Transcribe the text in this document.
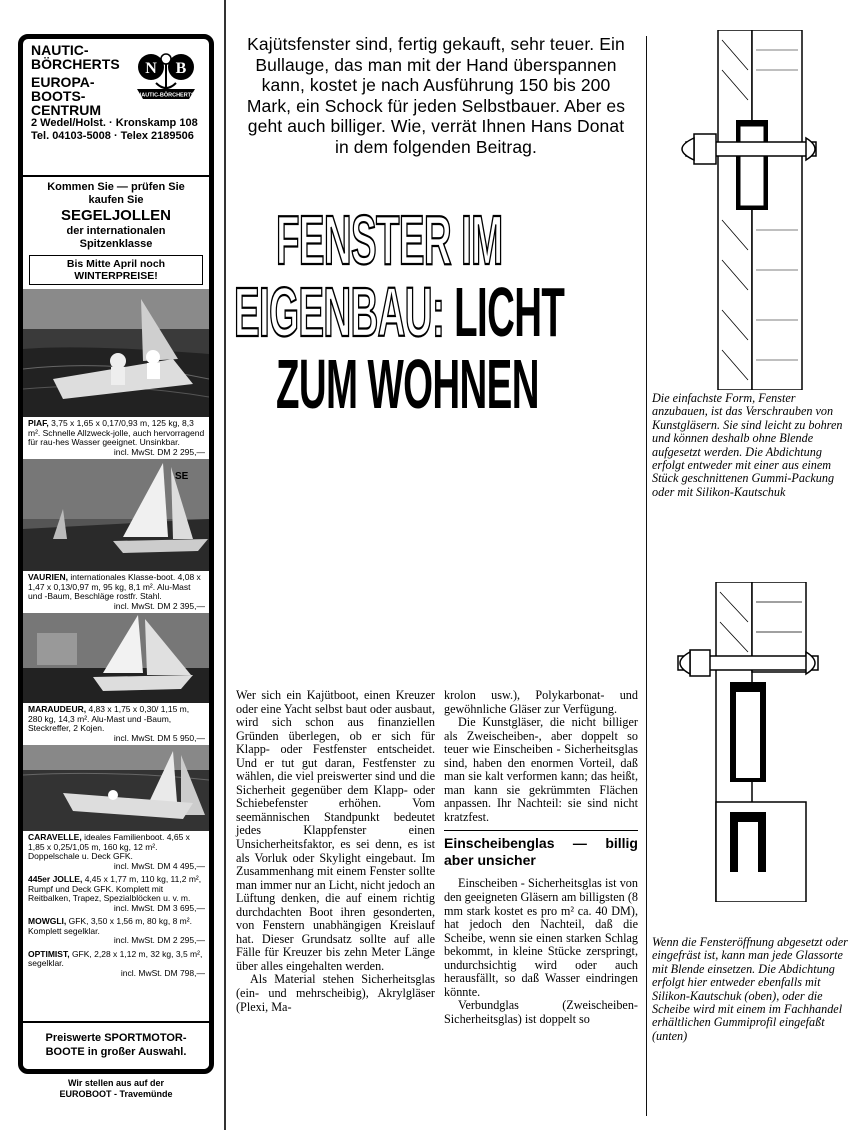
NAUTIC-
BÖRCHERTS	N B
NAUTIC-BÖRCHERTS
EUROPA-
BOOTS-
CENTRUM
2 Wedel/Holst. · Kronskamp 108
Tel. 04103-5008 · Telex 2189506
Kommen Sie — prüfen Sie
kaufen Sie
SEGELJOLLEN
der internationalen
Spitzenklasse
Bis Mitte April noch
WINTERPREISE!
PIAF, 3,75 x 1,65 x 0,17/0,93 m, 125 kg, 8,3 m². Schnelle Allzweck-jolle, auch hervorragend für rau-hes Wasser geeignet. Unsinkbar.
incl. MwSt. DM 2 295,—
SE
VAURIEN, internationales Klasse-boot. 4,08 x 1,47 x 0,13/0,97 m, 95 kg, 8,1 m². Alu-Mast und -Baum, Beschläge rostfr. Stahl.
incl. MwSt. DM 2 395,—
MARAUDEUR, 4,83 x 1,75 x 0,30/ 1,15 m, 280 kg, 14,3 m². Alu-Mast und -Baum, Steckreffer, 2 Kojen.
incl. MwSt. DM 5 950,—
CARAVELLE, ideales Familienboot. 4,65 x 1,85 x 0,25/1,05 m, 160 kg, 12 m². Doppelschale u. Deck GFK.
incl. MwSt. DM 4 495,—
445er JOLLE, 4,45 x 1,77 m, 110 kg, 11,2 m², Rumpf und Deck GFK. Komplett mit Reitbalken, Trapez, Spezialblöcken u. v. m.
incl. MwSt. DM 3 695,—
MOWGLI, GFK, 3,50 x 1,56 m, 80 kg, 8 m². Komplett segelklar.
incl. MwSt. DM 2 295,—
OPTIMIST, GFK, 2,28 x 1,12 m, 32 kg, 3,5 m², segelklar.
incl. MwSt. DM 798,—
Preiswerte SPORTMOTOR-
BOOTE in großer Auswahl.
Wir stellen aus auf der
EUROBOOT - Travemünde
Kajütsfenster sind, fertig gekauft, sehr teuer. Ein Bullauge, das man mit der Hand überspannen kann, kostet je nach Ausführung 150 bis 200 Mark, ein Schock für jeden Selbstbauer. Aber es geht auch billiger. Wie, verrät Ihnen Hans Donat in dem folgenden Beitrag.
FENSTER IM
EIGENBAU: LICHT
ZUM WOHNEN

Wer sich ein Kajütboot, einen Kreuzer oder eine Yacht selbst baut oder ausbaut, wird sich schon aus finanziellen Gründen überlegen, ob er sich für Klapp- oder Festfenster entscheidet. Und er tut gut daran, Festfenster zu wählen, die viel preiswerter sind und die Sicherheit gegenüber dem Klapp- oder Schiebefenster erhöhen. Vom seemännischen Standpunkt bedeutet jedes Klappfenster einen Unsicherheitsfaktor, es sei denn, es ist als Vorluk oder Skylight eingebaut. Im Zusammenhang mit einem Fenster sollte man immer nur an Licht, nicht jedoch an Lüftung denken, die auf einem richtig durchdachten Boot ihren gesonderten, von Fenstern unabhängigen Kreislauf hat. Dieser Grundsatz sollte auf alle Fälle für Kreuzer bis zehn Meter Länge über alles eingehalten werden.

Als Material stehen Sicherheitsglas (ein- und mehrscheibig), Akrylgläser (Plexi, Ma-

krolon usw.), Polykarbonat- und gewöhnliche Gläser zur Verfügung.

Die Kunstgläser, die nicht billiger als Zweischeiben-, aber doppelt so teuer wie Einscheiben - Sicherheitsglas sind, haben den enormen Vorteil, daß man sie kalt verformen kann; das heißt, man kann sie gekrümmten Flächen anpassen. Ihr Nachteil: sie sind nicht kratzfest.

Einscheibenglas — billig aber unsicher

Einscheiben - Sicherheitsglas ist von den geeigneten Gläsern am billigsten (8 mm stark kostet es pro m² ca. 40 DM), hat jedoch den Nachteil, daß die Scheibe, wenn sie einen starken Schlag bekommt, in kleine Stücke zerspringt, undurchsichtig wird oder auch herausfällt, so daß Wasser eindringen könnte.

Verbundglas (Zweischeiben-Sicherheitsglas) ist doppelt so

Die einfachste Form, Fenster anzubauen, ist das Verschrauben von Kunstgläsern. Sie sind leicht zu bohren und können deshalb ohne Blende aufgesetzt werden. Die Abdichtung erfolgt entweder mit einer aus einem Stück geschnittenen Gummi-Packung oder mit Silikon-Kautschuk
Wenn die Fensteröffnung abgesetzt oder eingefräst ist, kann man jede Glassorte mit Blende einsetzen. Die Abdichtung erfolgt hier entweder ebenfalls mit Silikon-Kautschuk (oben), oder die Scheibe wird mit einem im Fachhandel erhältlichen Gummiprofil eingefaßt (unten)
